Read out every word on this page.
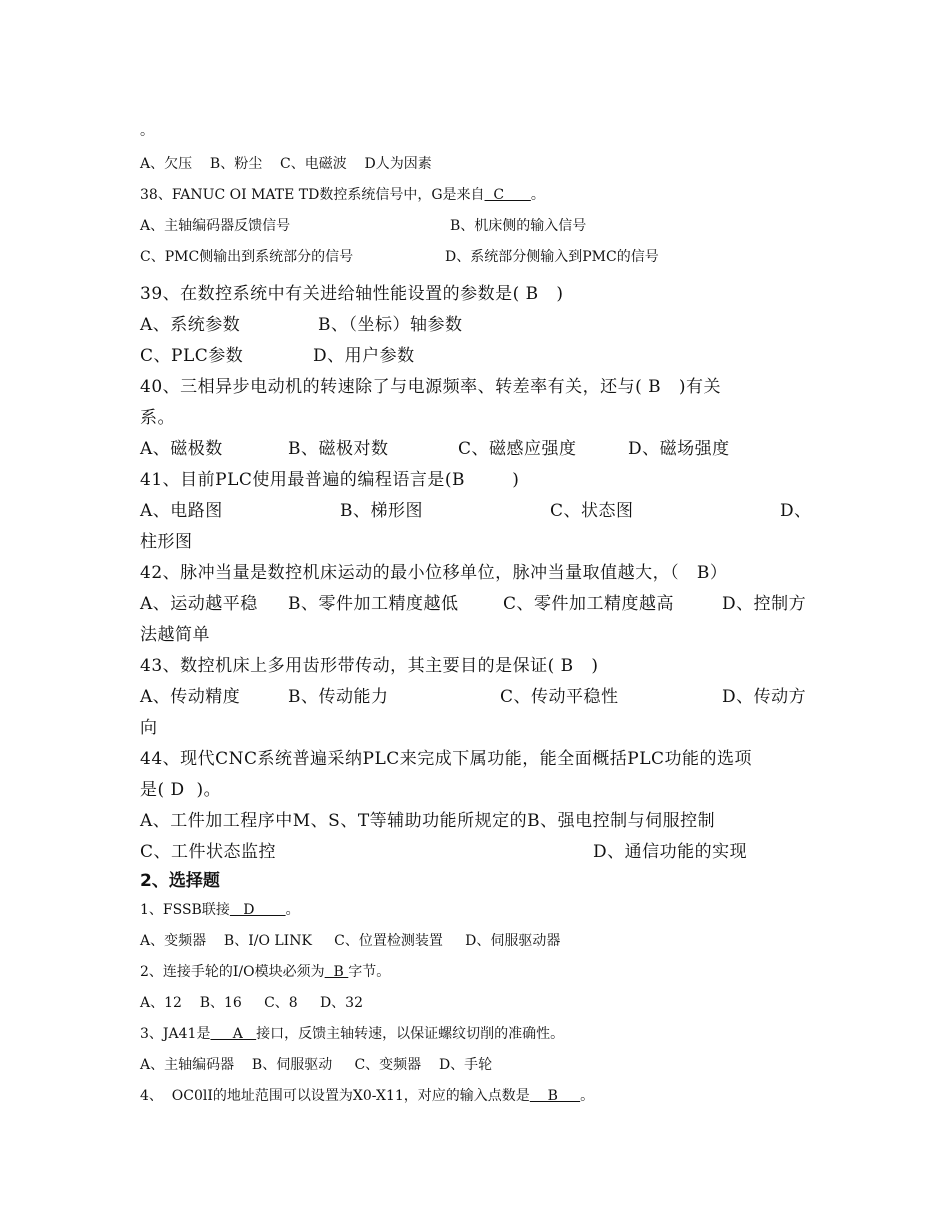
。
A、欠压    B、粉尘    C、电磁波    D人为因素
38、FANUC OI MATE TD数控系统信号中，G是来自  C      。
A、主轴编码器反馈信号	B、机床侧的输入信号
C、PMC侧输出到系统部分的信号	D、系统部分侧输入到PMC的信号
39、在数控系统中有关进给轴性能设置的参数是( B   )
A、系统参数	B、（坐标）轴参数
C、PLC参数	D、用户参数
40、三相异步电动机的转速除了与电源频率、转差率有关，还与( B   )有关
系。
A、磁极数	B、磁极对数	C、磁感应强度	D、磁场强度
41、目前PLC使用最普遍的编程语言是(B        )
A、电路图	B、梯形图	C、状态图	D、
柱形图
42、脉冲当量是数控机床运动的最小位移单位，脉冲当量取值越大，（   B）
A、运动越平稳 B、零件加工精度越低	C、零件加工精度越高	D、控制方
法越简单
43、数控机床上多用齿形带传动，其主要目的是保证( B   )
A、传动精度	B、传动能力	C、传动平稳性	D、传动方
向
44、现代CNC系统普遍采纳PLC来完成下属功能，能全面概括PLC功能的选项
是( D  )。
A、工件加工程序中M、S、T等辅助功能所规定的B、强电控制与伺服控制
C、工件状态监控	D、通信功能的实现
2、选择题
1、FSSB联接   D       。
A、变频器    B、I/O LINK     C、位置检测装置     D、伺服驱动器
2、连接手轮的I/O模块必须为  B 字节。
A、12    B、16     C、8     D、32
3、JA41是     A   接口，反馈主轴转速，以保证螺纹切削的准确性。
A、主轴编码器    B、伺服驱动     C、变频器    D、手轮
4、  OC0lI的地址范围可以设置为X0-X11，对应的输入点数是    B     。
